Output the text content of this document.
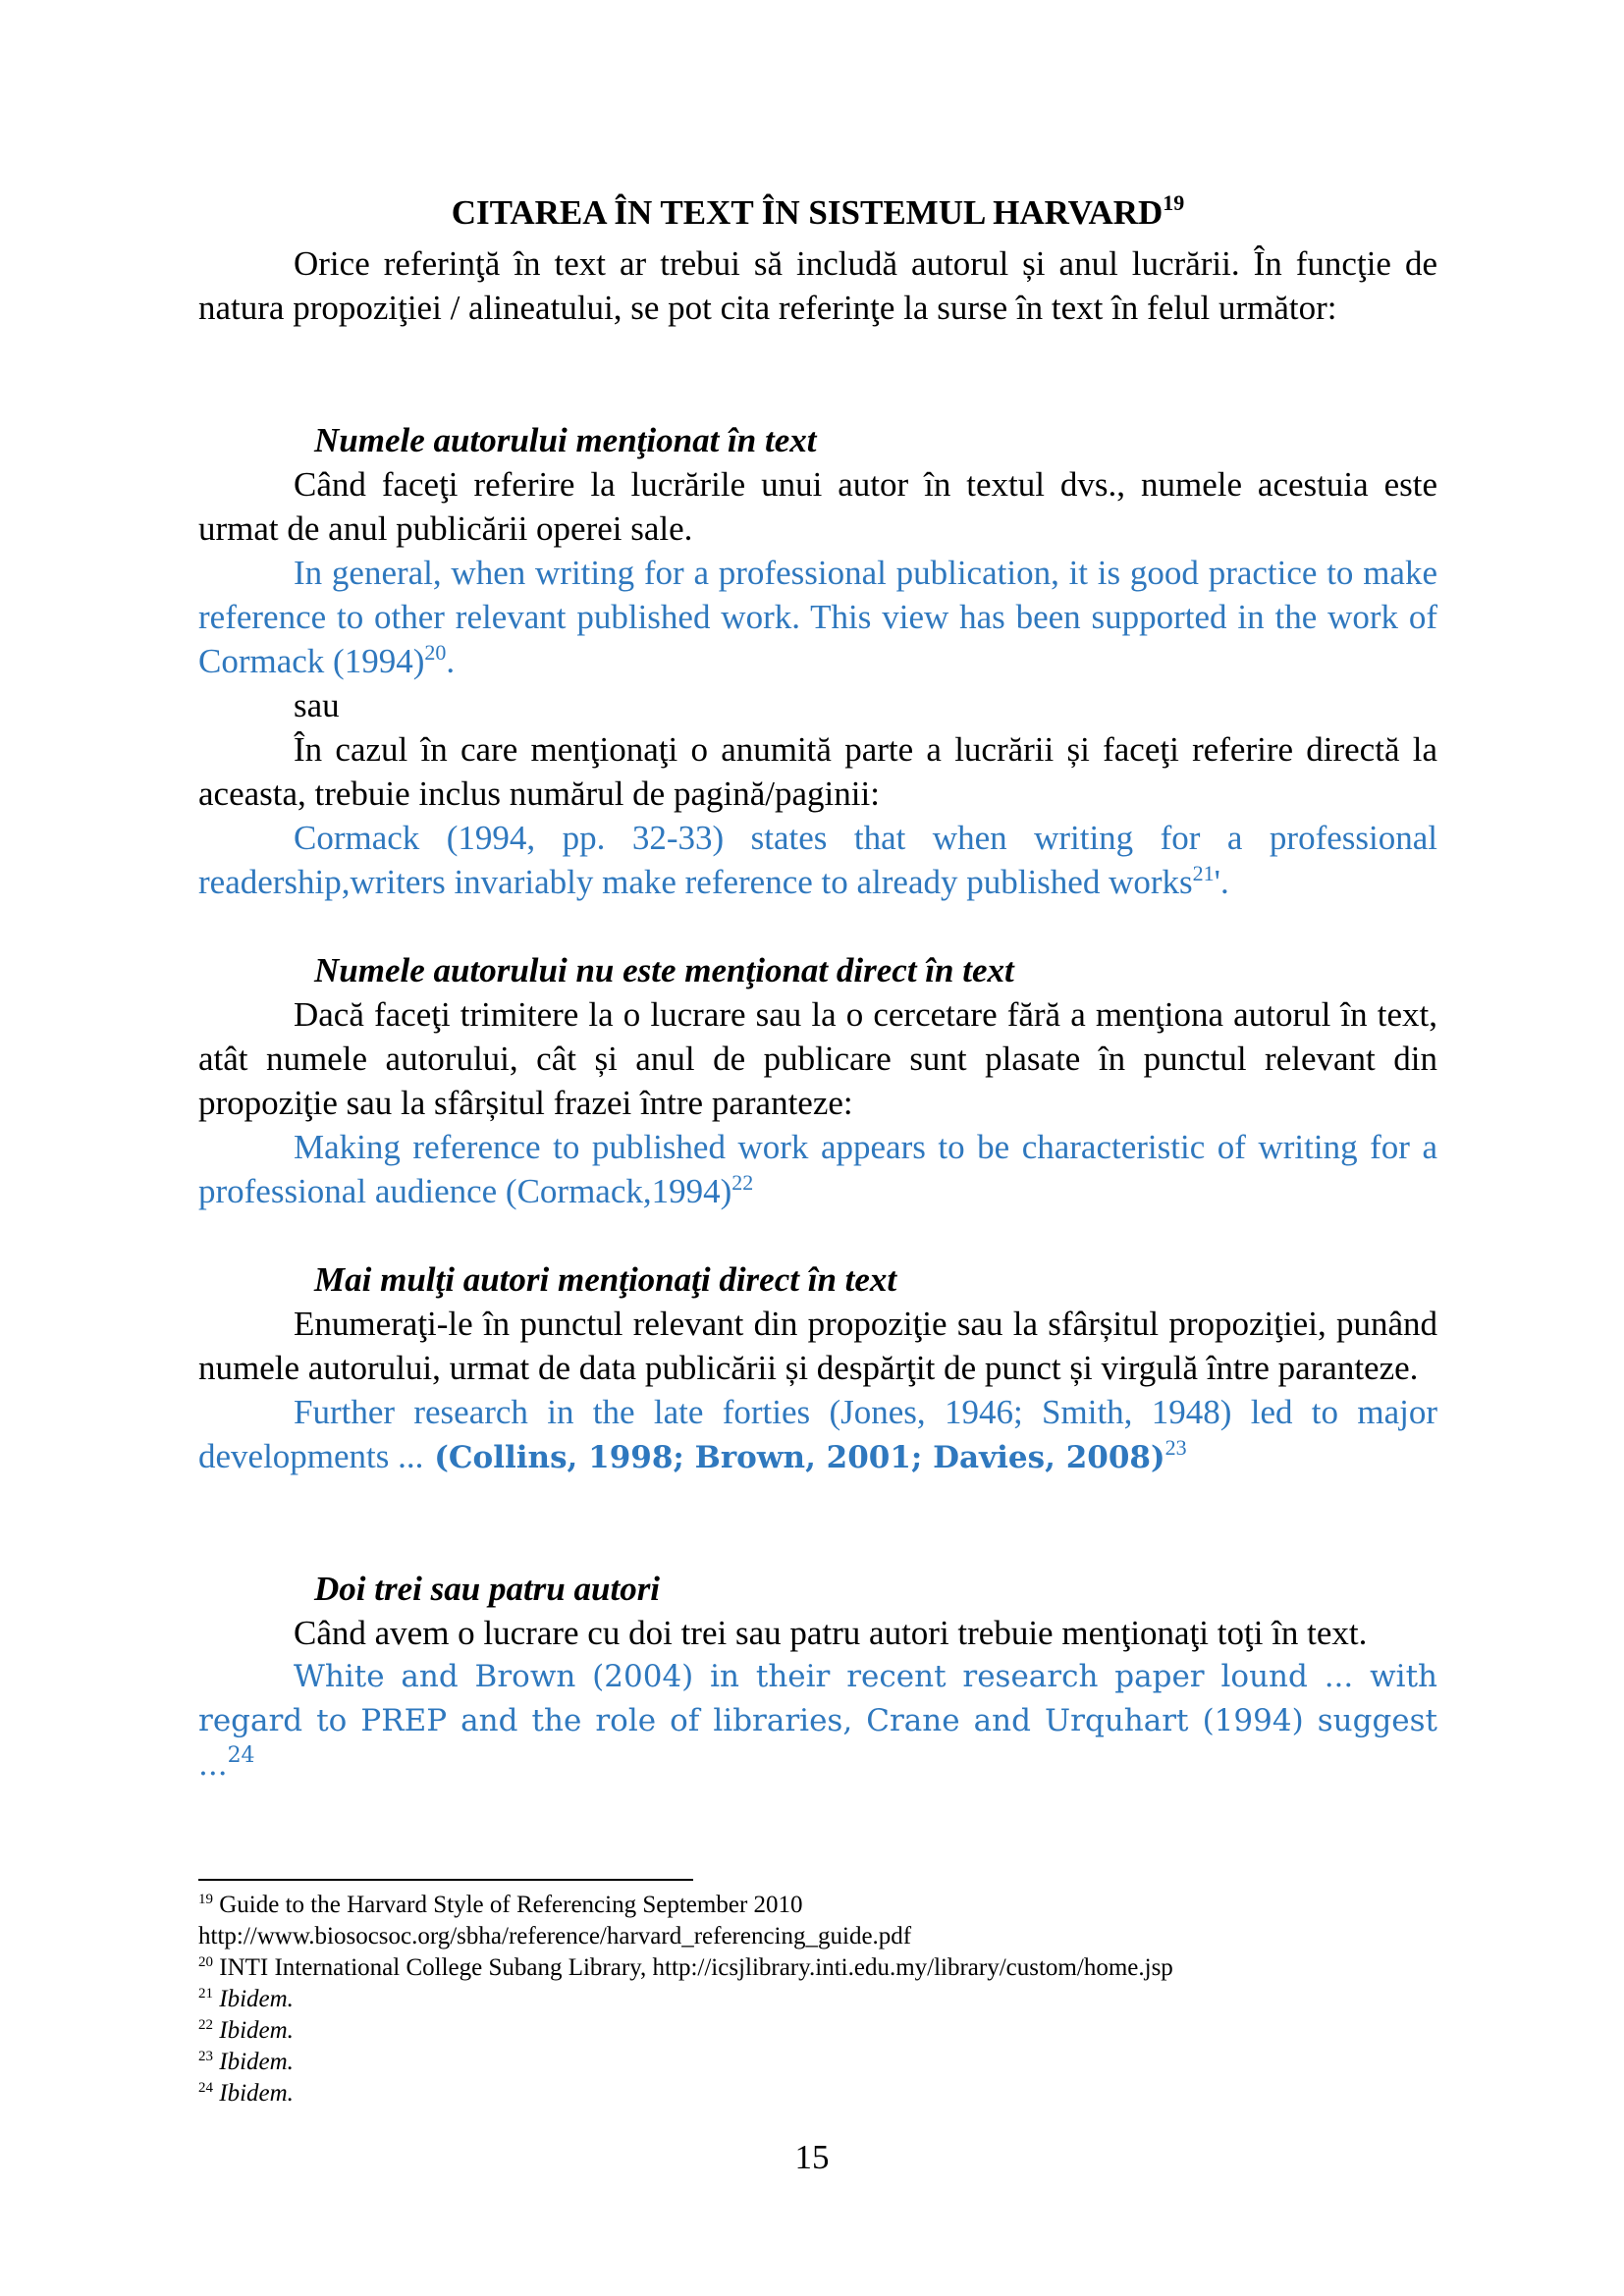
CITAREA ÎN TEXT ÎN SISTEMUL HARVARD$^{19}$

Orice referinţă în text ar trebui să includă autorul și anul lucrării. În funcţie de natura propoziţiei / alineatului, se pot cita referinţe la surse în text în felul următor:

Numele autorului menţionat în text

Când faceţi referire la lucrările unui autor în textul dvs., numele acestuia este urmat de anul publicării operei sale.

In general, when writing for a professional publication, it is good practice to make reference to other relevant published work. This view has been supported in the work of Cormack (1994)$^{20}$.

sau

În cazul în care menţionaţi o anumită parte a lucrării și faceţi referire directă la aceasta, trebuie inclus numărul de pagină/paginii:

Cormack (1994, pp. 32-33) states that when writing for a professional readership,writers invariably make reference to already published works$^{21}$'.

Numele autorului nu este menţionat direct în text

Dacă faceţi trimitere la o lucrare sau la o cercetare fără a menţiona autorul în text, atât numele autorului, cât și anul de publicare sunt plasate în punctul relevant din propoziţie sau la sfârșitul frazei între paranteze:

Making reference to published work appears to be characteristic of writing for a professional audience (Cormack,1994)$^{22}$

Mai mulţi autori menţionaţi direct în text

Enumeraţi-le în punctul relevant din propoziţie sau la sfârșitul propoziţiei, punând numele autorului, urmat de data publicării și despărţit de punct și virgulă între paranteze.

Further research in the late forties (Jones, 1946; Smith, 1948) led to major developments ... (Collins, 1998; Brown, 2001; Davies, 2008)$^{23}$

Doi trei sau patru autori

Când avem o lucrare cu doi trei sau patru autori trebuie menţionaţi toţi în text.

White and Brown (2004) in their recent research paper lound ... with regard to PREP and the role of libraries, Crane and Urquhart (1994) suggest ...$^{24}$

$^{19}$ Guide to the Harvard Style of Referencing September 2010
http://www.biosocsoc.org/sbha/reference/harvard_referencing_guide.pdf
$^{20}$ INTI International College Subang Library, http://icsjlibrary.inti.edu.my/library/custom/home.jsp
$^{21}$ Ibidem.
$^{22}$ Ibidem.
$^{23}$ Ibidem.
$^{24}$ Ibidem.
15
